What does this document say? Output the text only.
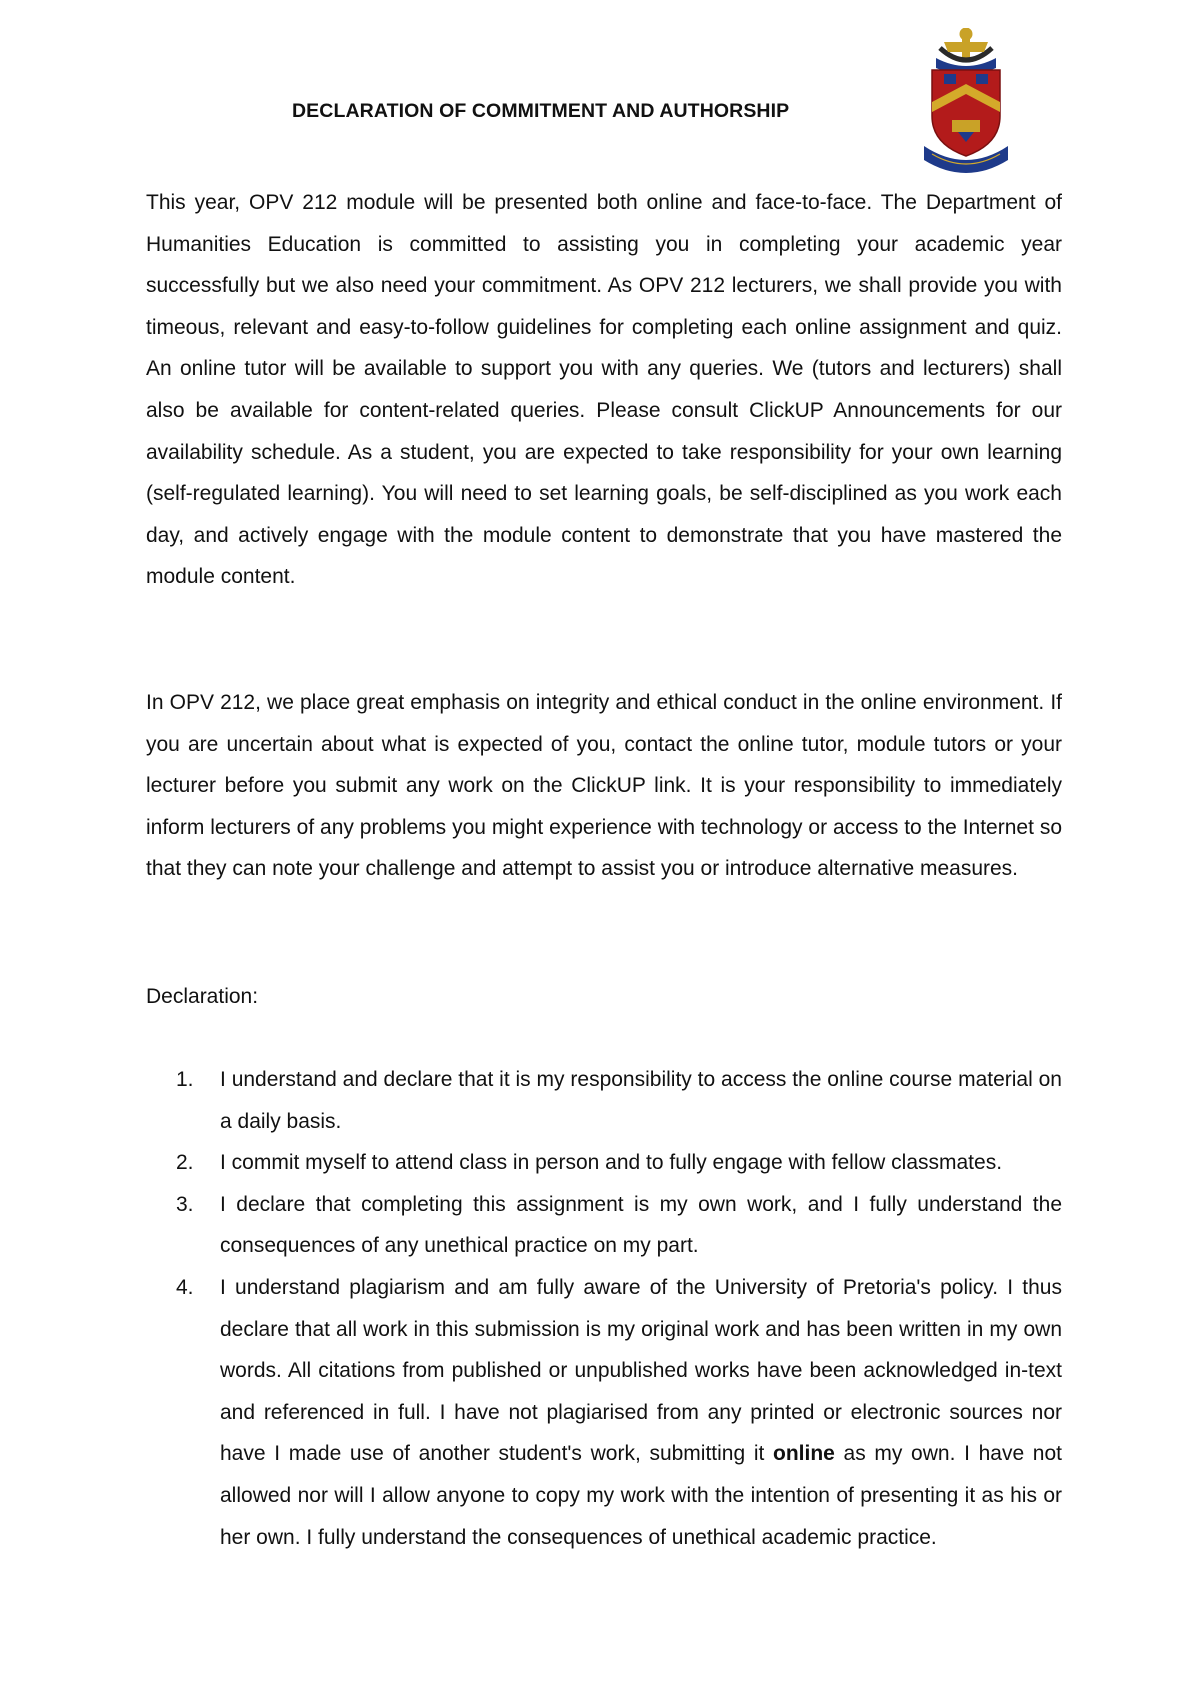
DECLARATION OF COMMITMENT AND AUTHORSHIP

This year, OPV 212 module will be presented both online and face-to-face. The Department of Humanities Education is committed to assisting you in completing your academic year successfully but we also need your commitment. As OPV 212 lecturers, we shall provide you with timeous, relevant and easy-to-follow guidelines for completing each online assignment and quiz. An online tutor will be available to support you with any queries. We (tutors and lecturers) shall also be available for content-related queries. Please consult ClickUP Announcements for our availability schedule. As a student, you are expected to take responsibility for your own learning (self-regulated learning). You will need to set learning goals, be self-disciplined as you work each day, and actively engage with the module content to demonstrate that you have mastered the module content.

In OPV 212, we place great emphasis on integrity and ethical conduct in the online environment. If you are uncertain about what is expected of you, contact the online tutor, module tutors or your lecturer before you submit any work on the ClickUP link. It is your responsibility to immediately inform lecturers of any problems you might experience with technology or access to the Internet so that they can note your challenge and attempt to assist you or introduce alternative measures.

Declaration:

1. I understand and declare that it is my responsibility to access the online course material on a daily basis.
2. I commit myself to attend class in person and to fully engage with fellow classmates.
3. I declare that completing this assignment is my own work, and I fully understand the consequences of any unethical practice on my part.
4. I understand plagiarism and am fully aware of the University of Pretoria's policy. I thus declare that all work in this submission is my original work and has been written in my own words. All citations from published or unpublished works have been acknowledged in-text and referenced in full. I have not plagiarised from any printed or electronic sources nor have I made use of another student's work, submitting it online as my own. I have not allowed nor will I allow anyone to copy my work with the intention of presenting it as his or her own. I fully understand the consequences of unethical academic practice.
